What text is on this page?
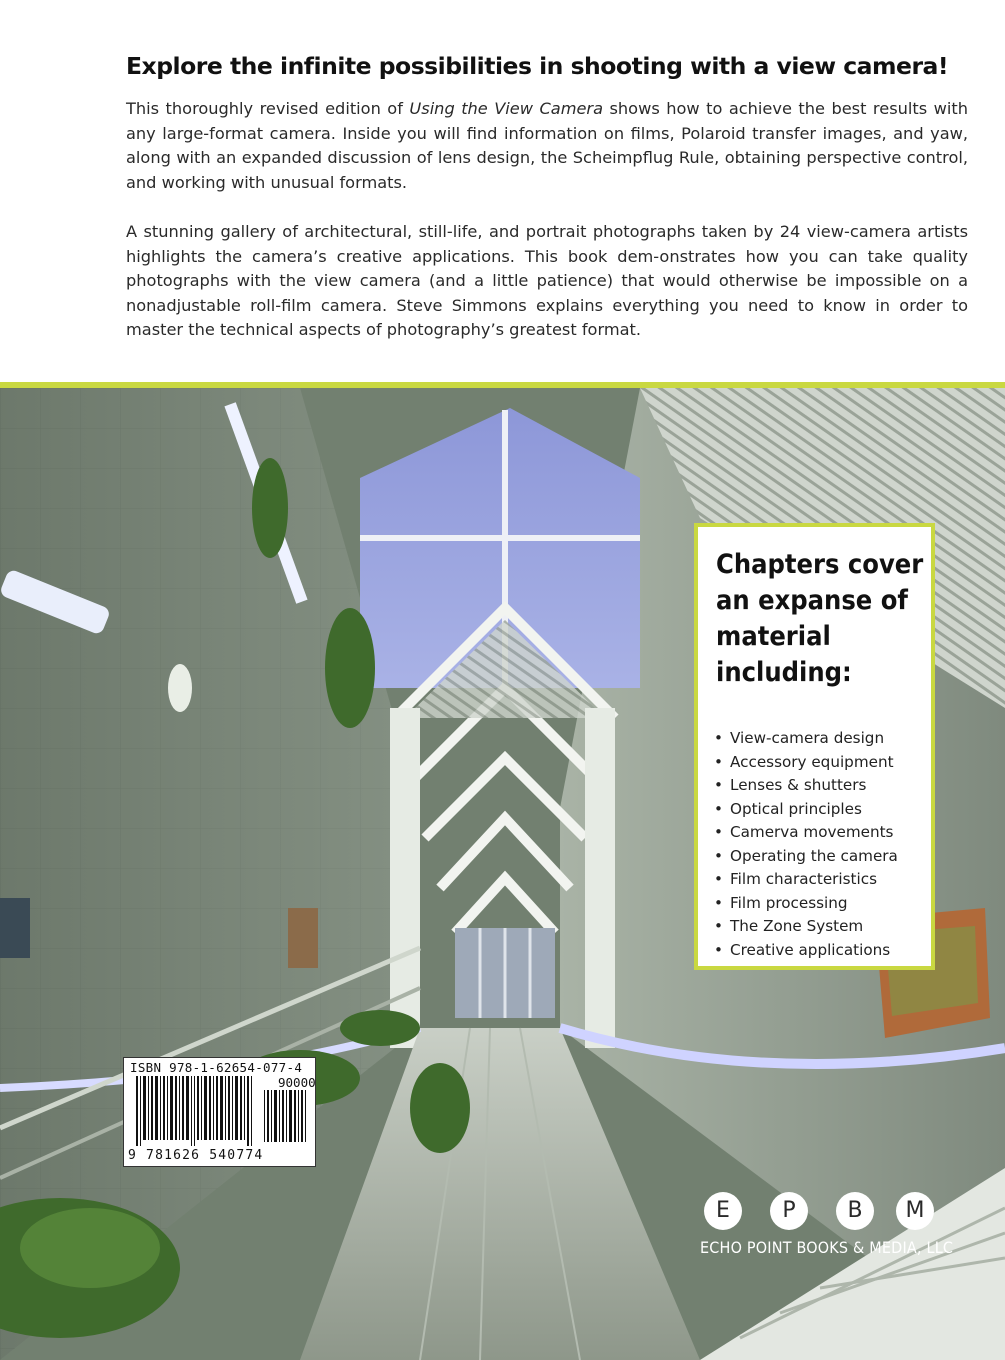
Explore the infinite possibilities in shooting with a view camera!
This thoroughly revised edition of Using the View Camera shows how to achieve the best results with any large-format camera. Inside you will find information on films, Polaroid transfer images, and yaw, along with an expanded discussion of lens design, the Scheimpflug Rule, obtaining perspective control, and working with unusual formats.
A stunning gallery of architectural, still-life, and portrait photographs taken by 24 view-camera artists highlights the camera’s creative applications. This book dem-onstrates how you can take quality photographs with the view camera (and a little patience) that would otherwise be impossible on a nonadjustable roll-film camera. Steve Simmons explains everything you need to know in order to master the technical aspects of photography’s greatest format.
Chapters cover an expanse of material including:
• View-camera design
• Accessory equipment
• Lenses & shutters
• Optical principles
• Camerva movements
• Operating the camera
• Film characteristics
• Film processing
• The Zone System
• Creative applications
ISBN 978-1-62654-077-4
90000
9 781626 540774
E	P	B	M
ECHO POINT BOOKS & MEDIA, LLC
